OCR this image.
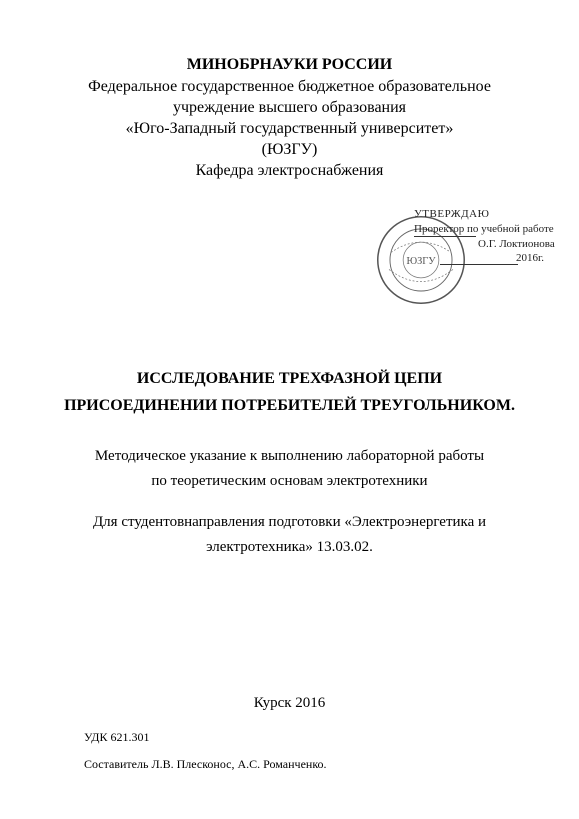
МИНОБРНАУКИ РОССИИ
Федеральное государственное бюджетное образовательное
учреждение высшего образования
«Юго-Западный государственный университет»
(ЮЗГУ)
Кафедра электроснабжения
ЮЗГУ
УТВЕРЖДАЮ
Проректор по учебной работе
О.Г. Локтионова
2016г.
ИССЛЕДОВАНИЕ ТРЕХФАЗНОЙ ЦЕПИ
ПРИСОЕДИНЕНИИ ПОТРЕБИТЕЛЕЙ ТРЕУГОЛЬНИКОМ.
Методическое указание к выполнению лабораторной работы
по теоретическим основам электротехники
Для студентовнаправления подготовки «Электроэнергетика и
электротехника» 13.03.02.
Курск 2016
УДК 621.301
Составитель Л.В. Плесконос, А.С. Романченко.
